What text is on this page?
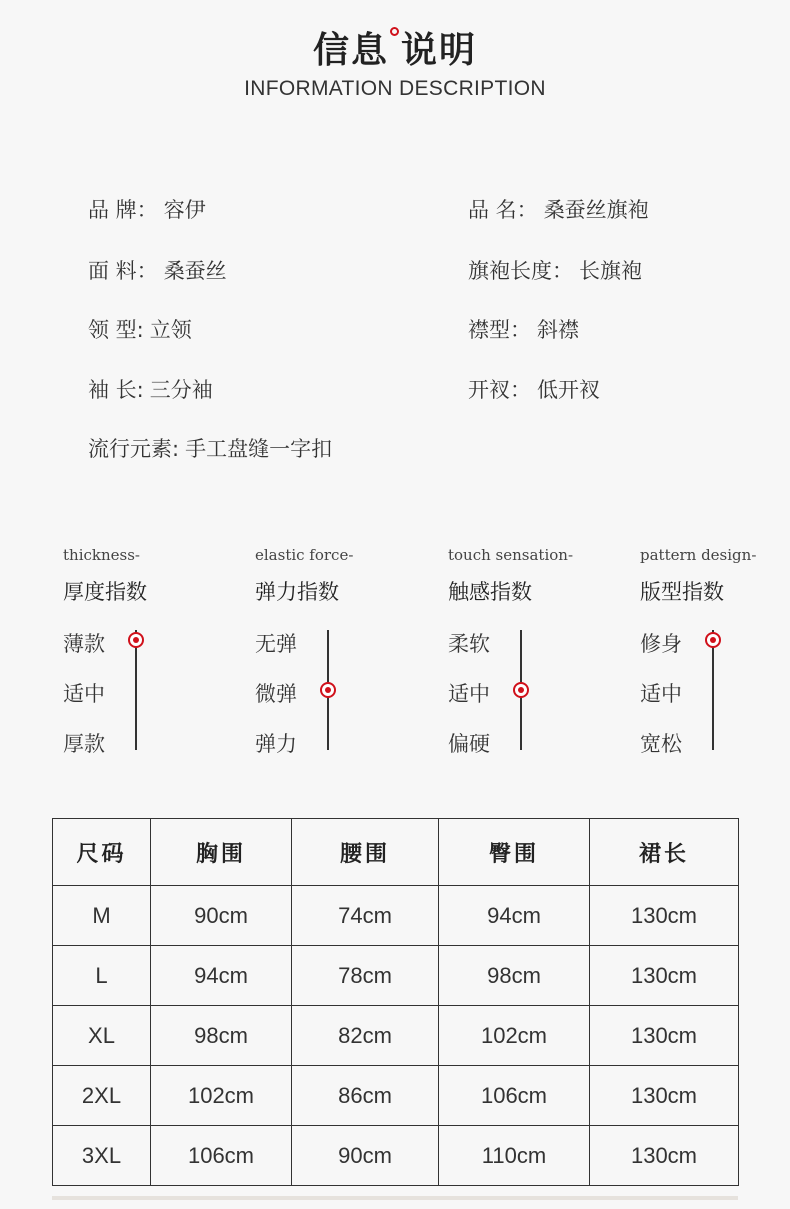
信息 说明
INFORMATION DESCRIPTION
品 牌： 容伊	品 名： 桑蚕丝旗袍
面 料： 桑蚕丝	旗袍长度： 长旗袍
领 型: 立领	襟型： 斜襟
袖 长: 三分袖	开衩： 低开衩
流行元素: 手工盘缝一字扣
thickness-
厚度指数
薄款
适中
厚款
elastic force-
弹力指数
无弹
微弹
弹力
touch sensation-
触感指数
柔软
适中
偏硬
pattern design-
版型指数
修身
适中
宽松
尺码	胸围	腰围	臀围	裙长
M	90cm	74cm	94cm	130cm
L	94cm	78cm	98cm	130cm
XL	98cm	82cm	102cm	130cm
2XL	102cm	86cm	106cm	130cm
3XL	106cm	90cm	110cm	130cm
